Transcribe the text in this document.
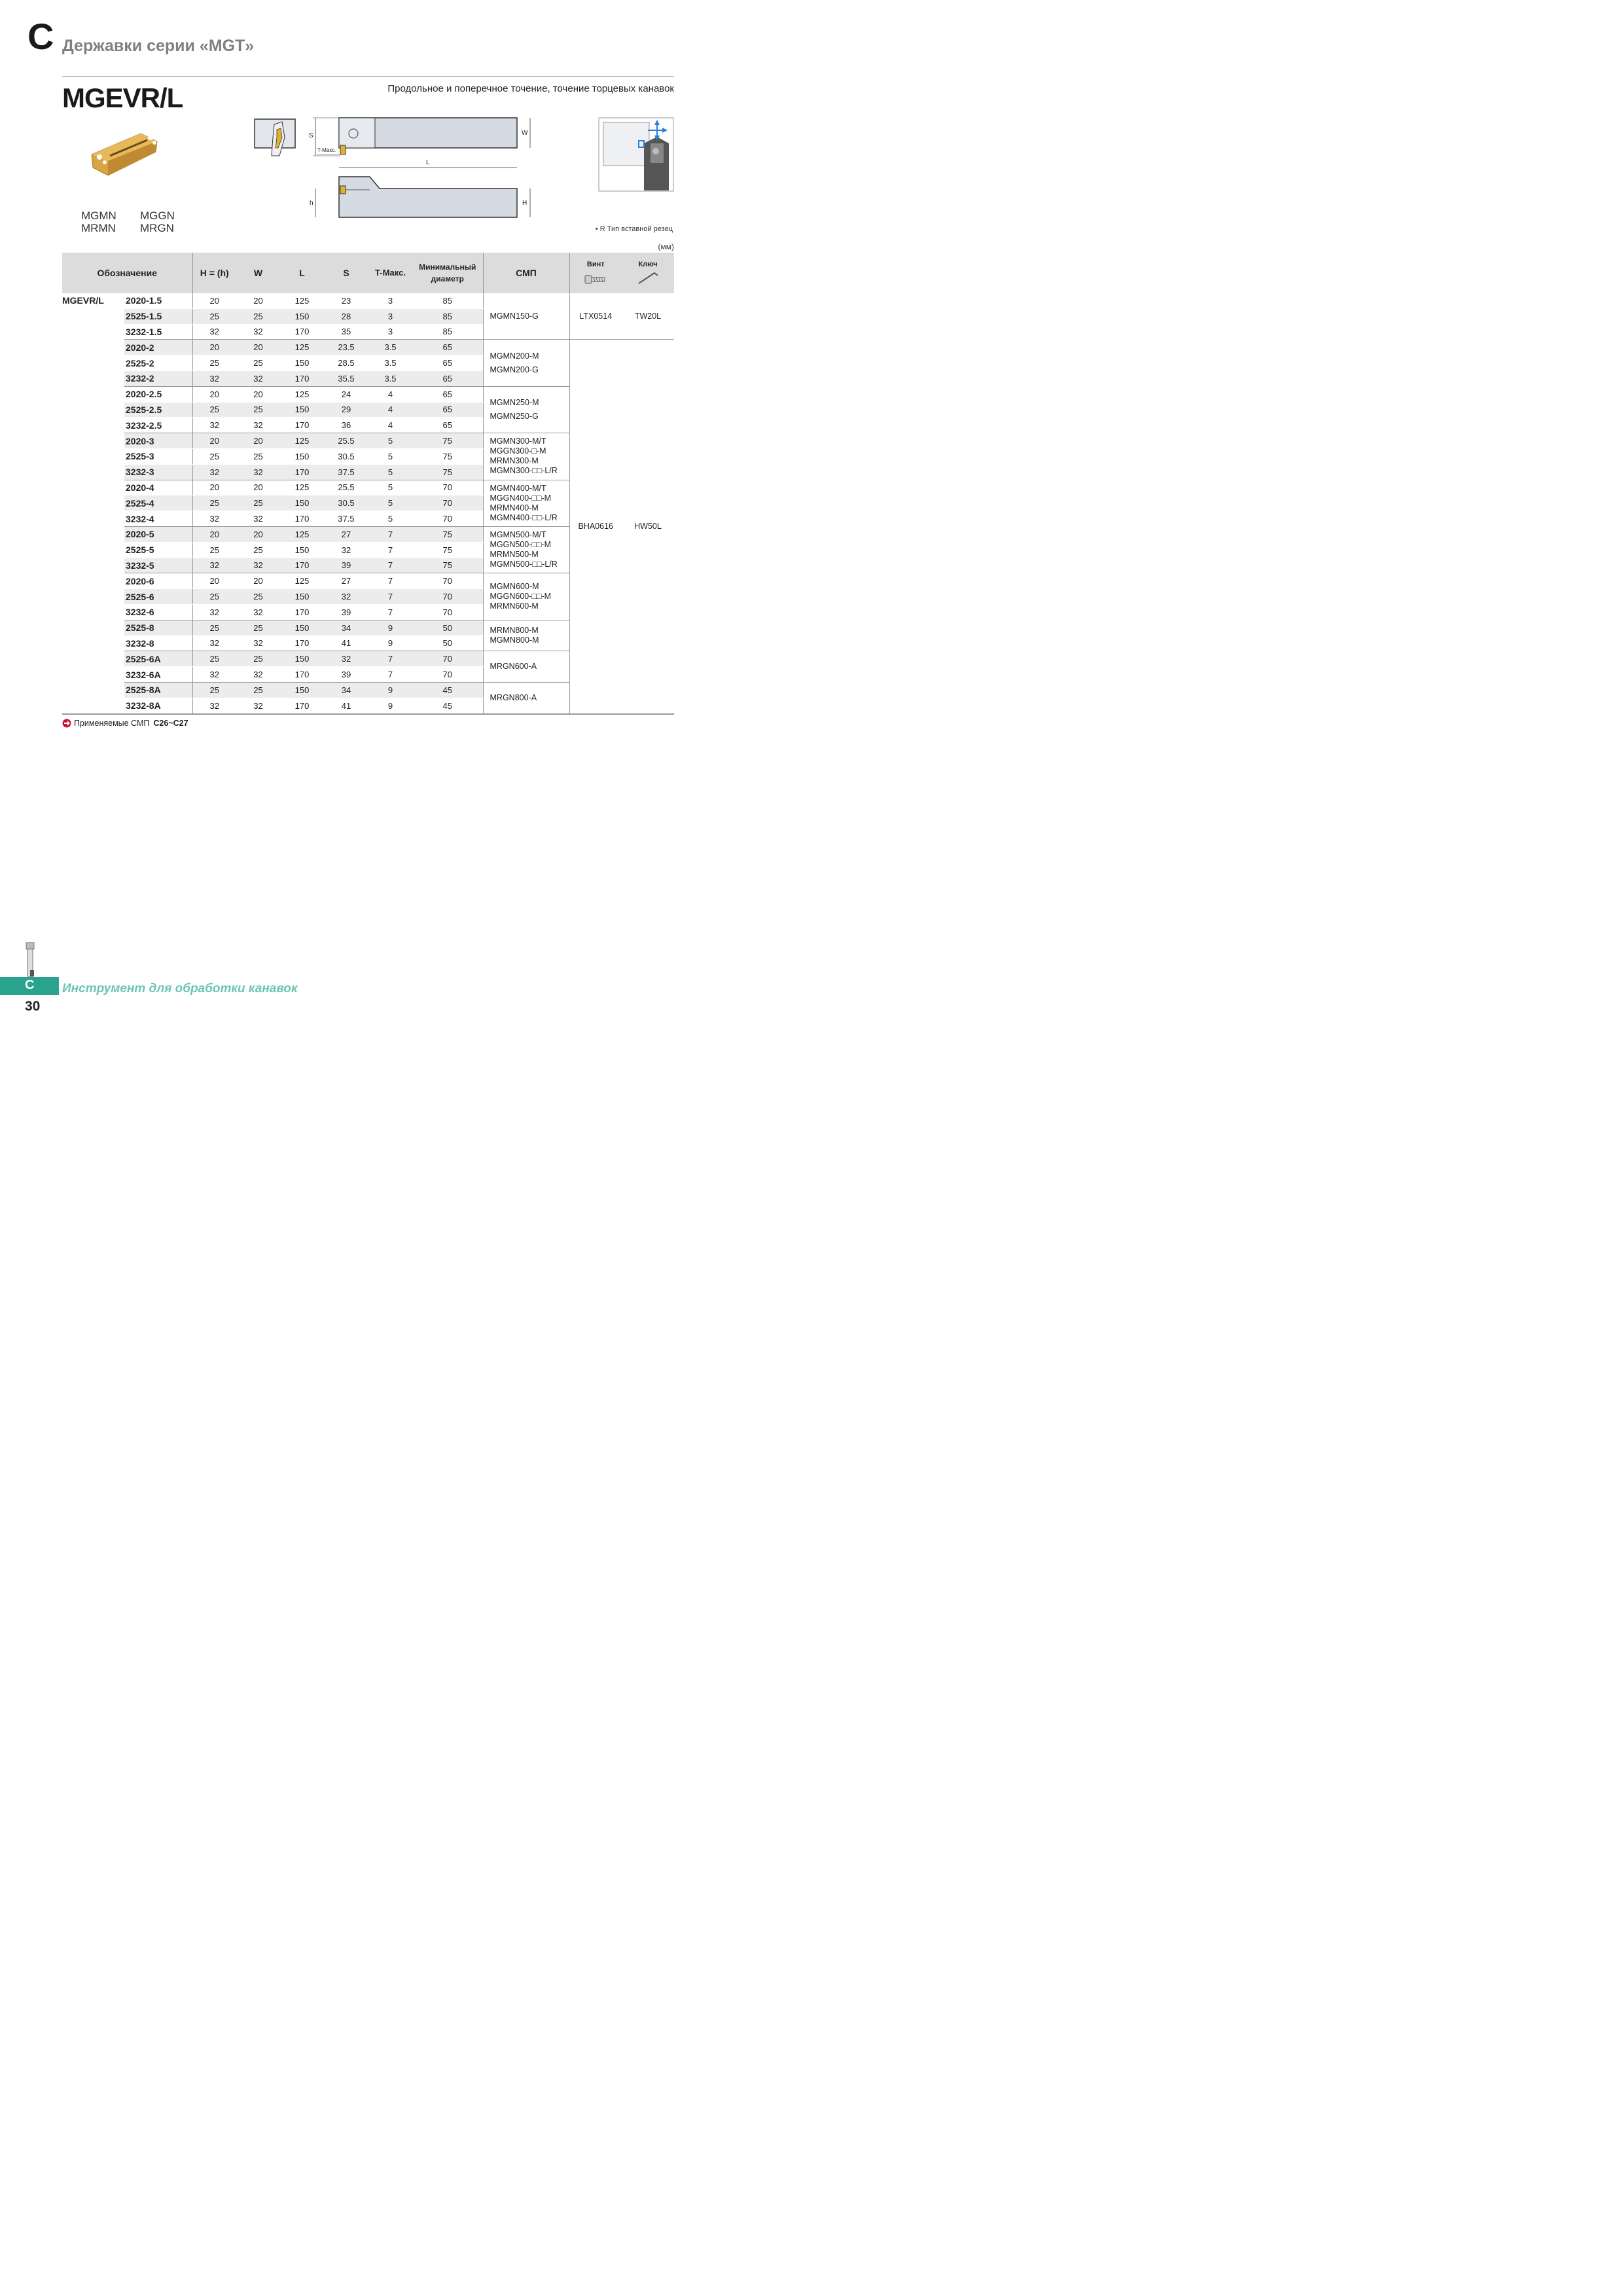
C Державки серии «MGT»
MGEVR/L	Продольное и поперечное точение, точение торцевых канавок
MGMN
MRMN
MGGN
MRGN
S	W
T-Макс.
L
h	H
• R Тип вставной резец
(мм)
Обозначение		H = (h)	W	L	S	T-Макс.	Минимальный
диаметр	СМП	Винт	Ключ

MGEVR/L	2020-1.5	20	20	125	23	3	85	MGMN150-G	LTX0514	TW20L
	2525-1.5	25	25	150	28	3	85			
	3232-1.5	32	32	170	35	3	85			
	2020-2	20	20	125	23.5	3.5	65	MGMN200-M
MGMN200-G	BHA0616	HW50L
	2525-2	25	25	150	28.5	3.5	65			
	3232-2	32	32	170	35.5	3.5	65			
	2020-2.5	20	20	125	24	4	65	MGMN250-M
MGMN250-G		

	2525-2.5	25	25	150	29	4	65			
	3232-2.5	32	32	170	36	4	65			
	2020-3	20	20	125	25.5	5	75	MGMN300-M/T
MGGN300-□-M
MRMN300-M
MGMN300-□□-L/R		

	2525-3	25	25	150	30.5	5	75			
	3232-3	32	32	170	37.5	5	75			
	2020-4	20	20	125	25.5	5	70	MGMN400-M/T
MGGN400-□□-M
MRMN400-M
MGMN400-□□-L/R		

	2525-4	25	25	150	30.5	5	70			
	3232-4	32	32	170	37.5	5	70			
	2020-5	20	20	125	27	7	75	MGMN500-M/T
MGGN500-□□-M
MRMN500-M
MGMN500-□□-L/R		

	2525-5	25	25	150	32	7	75			
	3232-5	32	32	170	39	7	75			
	2020-6	20	20	125	27	7	70	MGMN600-M
MGGN600-□□-M
MRMN600-M		

	2525-6	25	25	150	32	7	70			
	3232-6	32	32	170	39	7	70			
	2525-8	25	25	150	34	9	50	MRMN800-M
MGMN800-M		

	3232-8	32	32	170	41	9	50			
	2525-6A	25	25	150	32	7	70	MRGN600-A		

	3232-6A	32	32	170	39	7	70			
	2525-8A	25	25	150	34	9	45	MRGN800-A		

	3232-8A	32	32	170	41	9	45			
Применяемые СМП C26~C27
C Инструмент для обработки канавок
30
